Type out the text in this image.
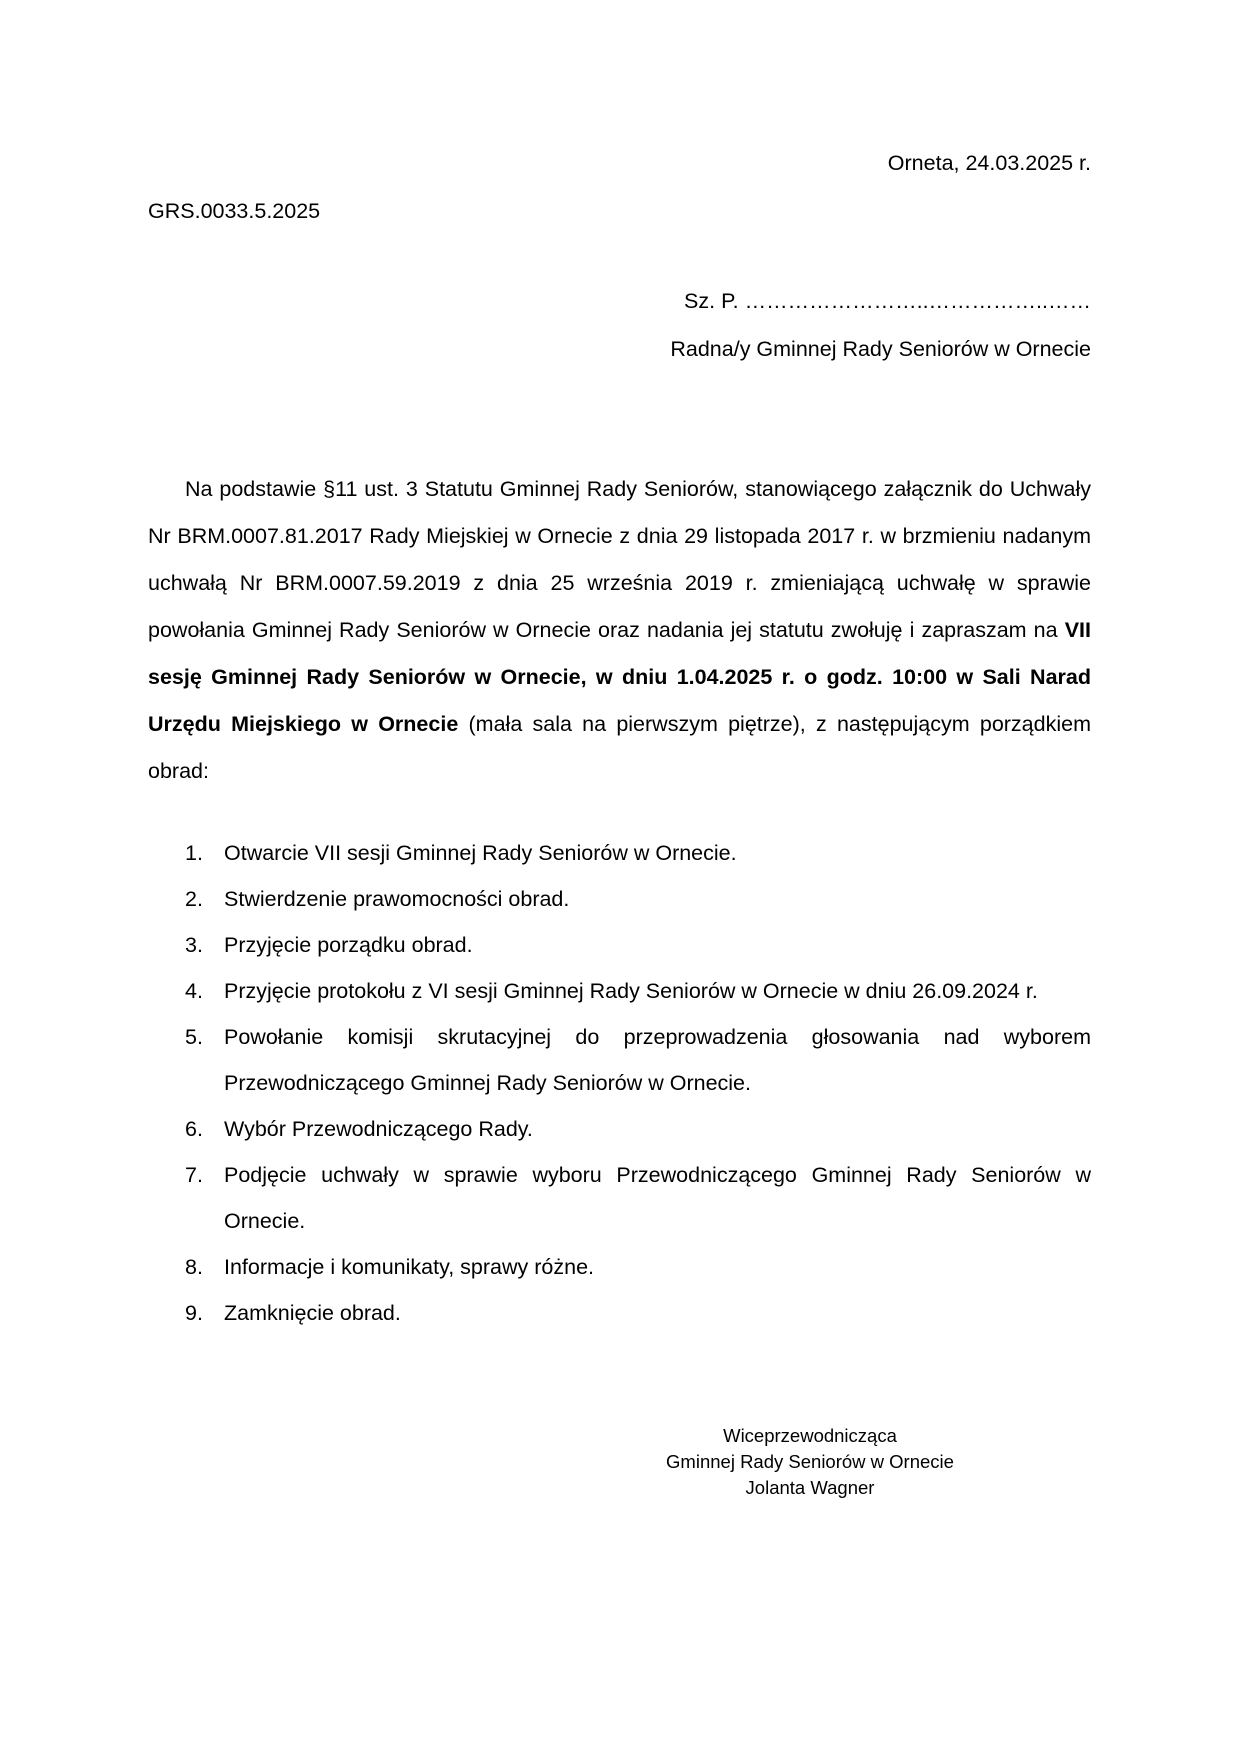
Orneta, 24.03.2025 r.
GRS.0033.5.2025
Sz. P. ……………………..……………..……
Radna/y Gminnej Rady Seniorów w Ornecie

Na podstawie §11 ust. 3 Statutu Gminnej Rady Seniorów, stanowiącego załącznik do Uchwały Nr BRM.0007.81.2017 Rady Miejskiej w Ornecie z dnia 29 listopada 2017 r. w brzmieniu nadanym uchwałą Nr BRM.0007.59.2019 z dnia 25 września 2019 r. zmieniającą uchwałę w sprawie powołania Gminnej Rady Seniorów w Ornecie oraz nadania jej statutu zwołuję i zapraszam na VII sesję Gminnej Rady Seniorów w Ornecie, w dniu 1.04.2025 r. o godz. 10:00 w Sali Narad Urzędu Miejskiego w Ornecie (mała sala na pierwszym piętrze), z następującym porządkiem obrad:

1. Otwarcie VII sesji Gminnej Rady Seniorów w Ornecie.
2. Stwierdzenie prawomocności obrad.
3. Przyjęcie porządku obrad.
4. Przyjęcie protokołu z VI sesji Gminnej Rady Seniorów w Ornecie w dniu 26.09.2024 r.
5. Powołanie komisji skrutacyjnej do przeprowadzenia głosowania nad wyborem Przewodniczącego Gminnej Rady Seniorów w Ornecie.
6. Wybór Przewodniczącego Rady.
7. Podjęcie uchwały w sprawie wyboru Przewodniczącego Gminnej Rady Seniorów w Ornecie.
8. Informacje i komunikaty, sprawy różne.
9. Zamknięcie obrad.
Wiceprzewodnicząca
Gminnej Rady Seniorów w Ornecie
Jolanta Wagner
